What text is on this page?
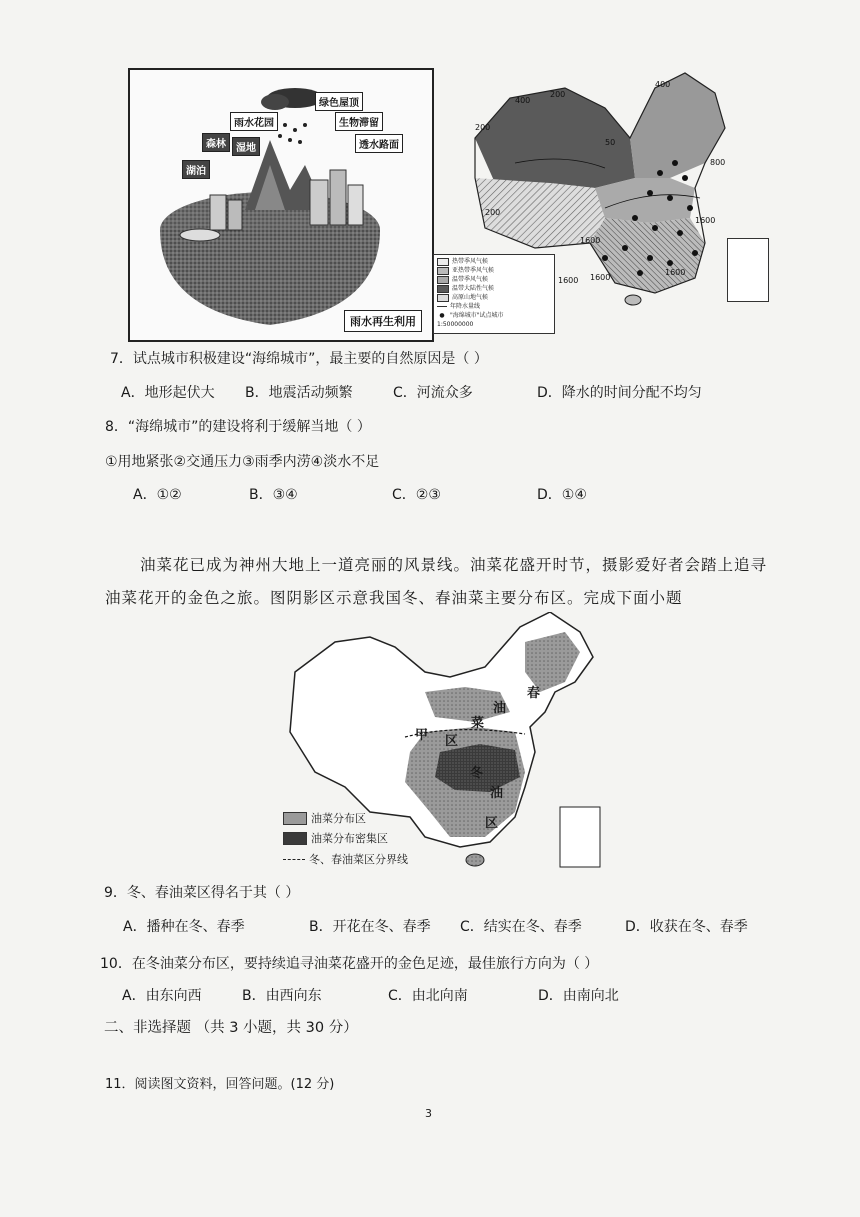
绿色屋顶
雨水花园	生物滞留
透水路面
森林	湿地
湖泊
雨水再生利用
400
200
400
200
50
800
1600
1600
1600
1600
200
1600
热带季风气候
亚热带季风气候
温带季风气候
温带大陆性气候
高原山地气候
年降水量线
● "海绵城市"试点城市
1:50000000
7．试点城市积极建设“海绵城市”，最主要的自然原因是（ ）
A．地形起伏大 B．地震活动频繁	C．河流众多	D．降水的时间分配不均匀
8．“海绵城市”的建设将利于缓解当地（ ）
①用地紧张②交通压力③雨季内涝④淡水不足
A．①②	B．③④	C．②③	D．①④
油菜花已成为神州大地上一道亮丽的风景线。油菜花盛开时节，摄影爱好者会踏上追寻
油菜花开的金色之旅。图阴影区示意我国冬、春油菜主要分布区。完成下面小题
春
油
菜
甲 区
冬
油
区
油菜分布区
油菜分布密集区
冬、春油菜区分界线
9．冬、春油菜区得名于其（ ）
A．播种在冬、春季	B．开花在冬、春季 C．结实在冬、春季	D．收获在冬、春季
10．在冬油菜分布区，要持续追寻油菜花盛开的金色足迹，最佳旅行方向为（ ）
A．由东向西	B．由西向东	C．由北向南	D．由南向北
二、非选择题 （共 3 小题，共 30 分）
11．阅读图文资料，回答问题。(12 分)
3
